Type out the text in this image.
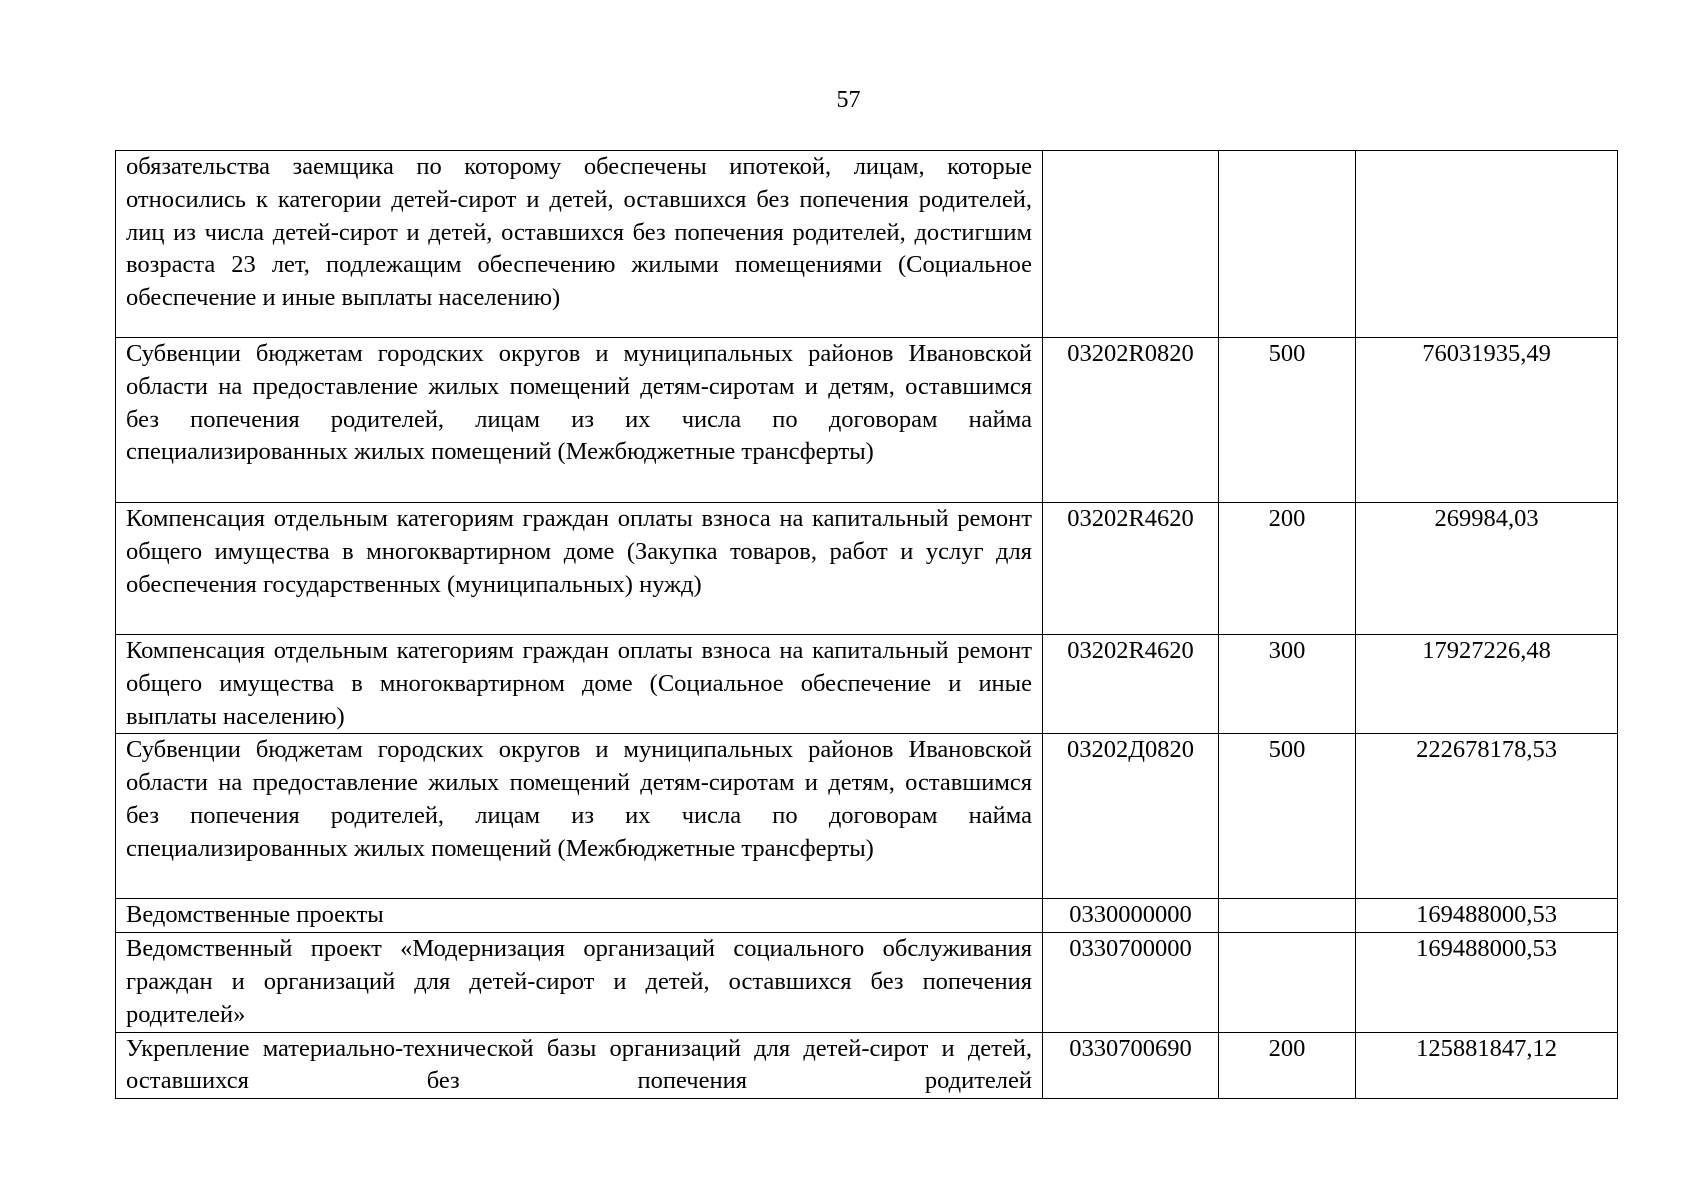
57
обязательства заемщика по которому обеспечены ипотекой, лицам, которые относились к категории детей-сирот и детей, оставшихся без попечения родителей, лиц из числа детей-сирот и детей, оставшихся без попечения родителей, достигшим возраста 23 лет, подлежащим обеспечению жилыми помещениями (Социальное обеспечение и иные выплаты населению)			
Субвенции бюджетам городских округов и муниципальных районов Ивановской области на предоставление жилых помещений детям-сиротам и детям, оставшимся без попечения родителей, лицам из их числа по договорам найма специализированных жилых помещений (Межбюджетные трансферты)	03202R0820	500	76031935,49
Компенсация отдельным категориям граждан оплаты взноса на капитальный ремонт общего имущества в многоквартирном доме (Закупка товаров, работ и услуг для обеспечения государственных (муниципальных) нужд)	03202R4620	200	269984,03
Компенсация отдельным категориям граждан оплаты взноса на капитальный ремонт общего имущества в многоквартирном доме (Социальное обеспечение и иные выплаты населению)	03202R4620	300	17927226,48
Субвенции бюджетам городских округов и муниципальных районов Ивановской области на предоставление жилых помещений детям-сиротам и детям, оставшимся без попечения родителей, лицам из их числа по договорам найма специализированных жилых помещений (Межбюджетные трансферты)	03202Д0820	500	222678178,53
Ведомственные проекты	0330000000		169488000,53
Ведомственный проект «Модернизация организаций социального обслуживания граждан и организаций для детей-сирот и детей, оставшихся без попечения родителей»	0330700000		169488000,53
Укрепление материально-технической базы организаций для детей-сирот и детей, оставшихся без попечения родителей	0330700690	200	125881847,12
